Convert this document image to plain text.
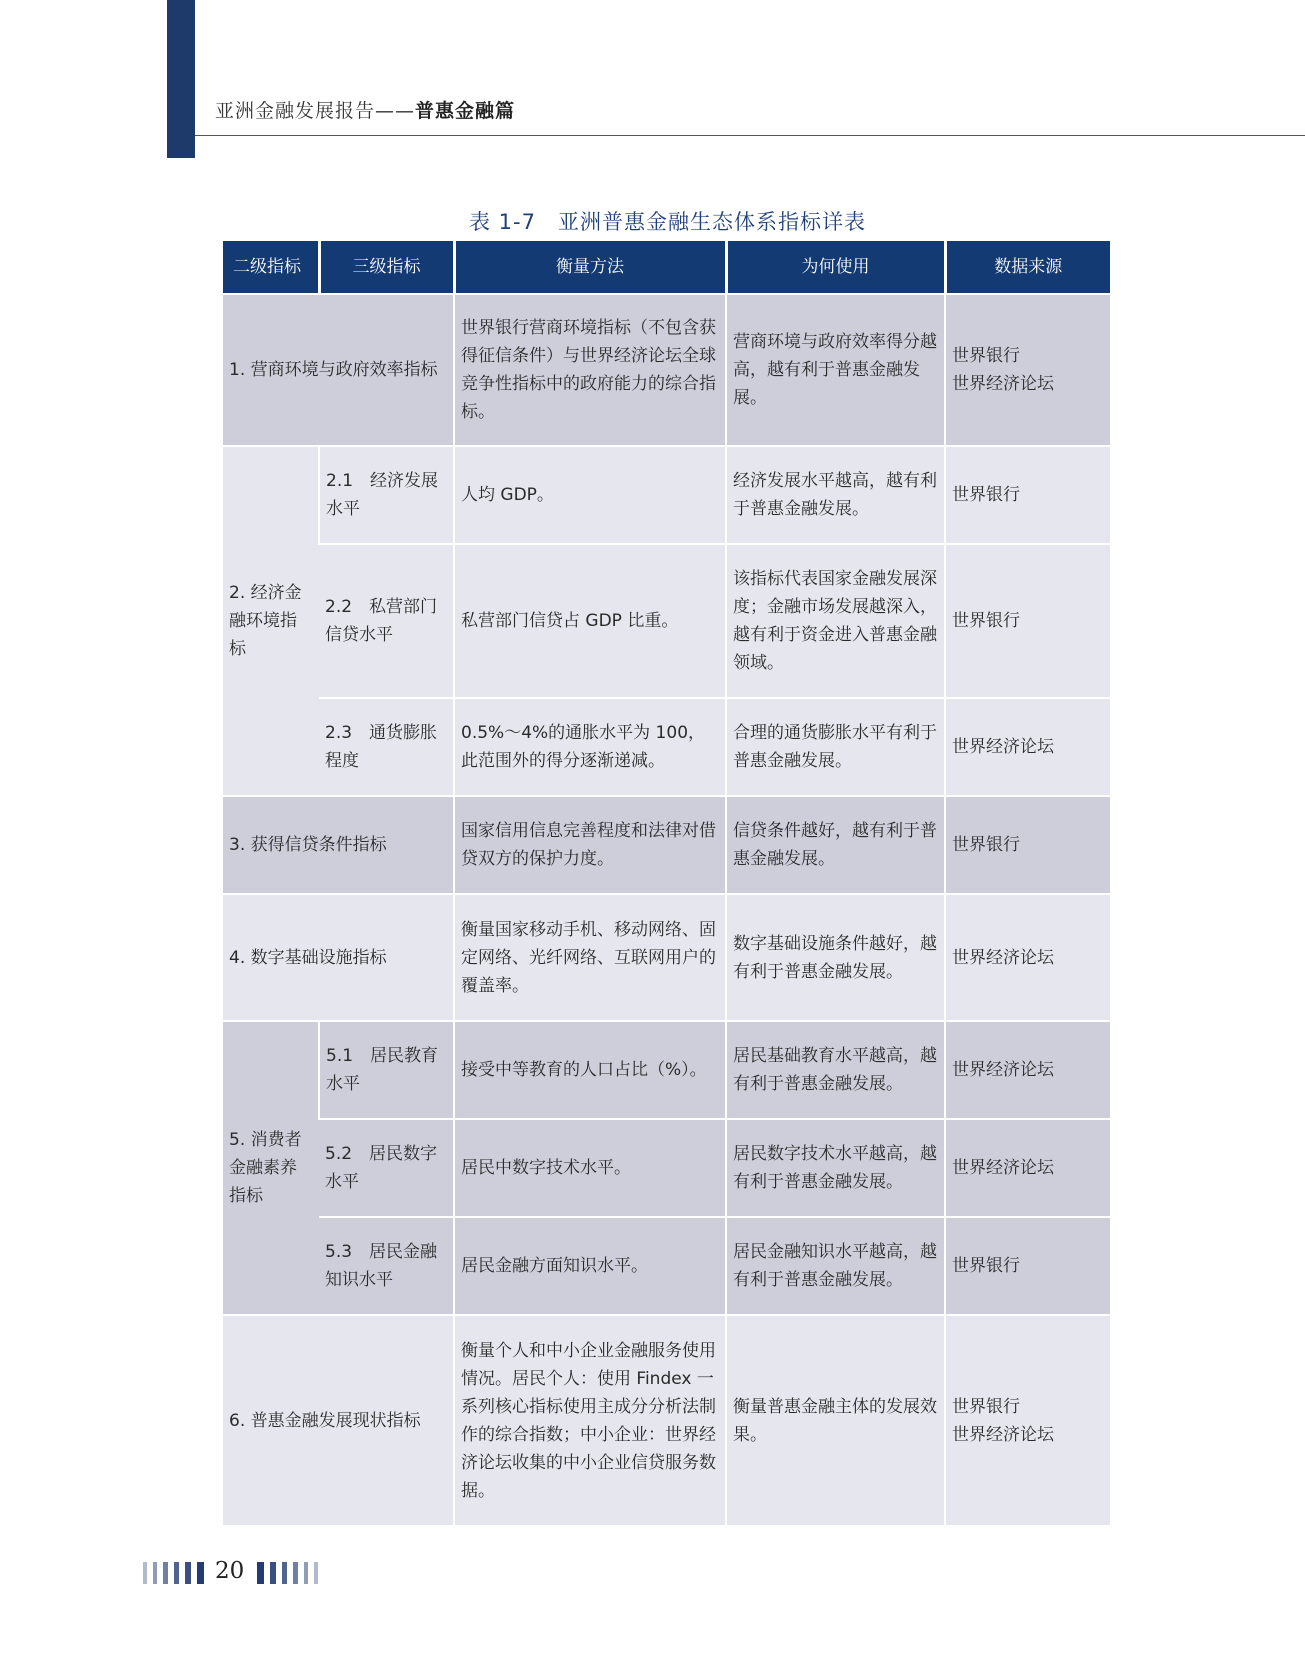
亚洲金融发展报告——普惠金融篇
表 1-7　亚洲普惠金融生态体系指标详表
二级指标	三级指标	衡量方法	为何使用	数据来源
1. 营商环境与政府效率指标		世界银行营商环境指标（不包含获得征信条件）与世界经济论坛全球竞争性指标中的政府能力的综合指标。	营商环境与政府效率得分越高，越有利于普惠金融发展。	世界银行
世界经济论坛
2. 经济金融环境指标	2.1　经济发展水平	人均 GDP。	经济发展水平越高，越有利于普惠金融发展。	世界银行
	2.2　私营部门信贷水平	私营部门信贷占 GDP 比重。	该指标代表国家金融发展深度；金融市场发展越深入，越有利于资金进入普惠金融领域。	世界银行
	2.3　通货膨胀程度	0.5%～4%的通胀水平为 100，此范围外的得分逐渐递减。	合理的通货膨胀水平有利于普惠金融发展。	世界经济论坛
3. 获得信贷条件指标		国家信用信息完善程度和法律对借贷双方的保护力度。	信贷条件越好，越有利于普惠金融发展。	世界银行
4. 数字基础设施指标		衡量国家移动手机、移动网络、固定网络、光纤网络、互联网用户的覆盖率。	数字基础设施条件越好，越有利于普惠金融发展。	世界经济论坛
5. 消费者金融素养指标	5.1　居民教育水平	接受中等教育的人口占比（%）。	居民基础教育水平越高，越有利于普惠金融发展。	世界经济论坛
	5.2　居民数字水平	居民中数字技术水平。	居民数字技术水平越高，越有利于普惠金融发展。	世界经济论坛
	5.3　居民金融知识水平	居民金融方面知识水平。	居民金融知识水平越高，越有利于普惠金融发展。	世界银行
6. 普惠金融发展现状指标		衡量个人和中小企业金融服务使用情况。居民个人：使用 Findex 一系列核心指标使用主成分分析法制作的综合指数；中小企业：世界经济论坛收集的中小企业信贷服务数据。	衡量普惠金融主体的发展效果。	世界银行
世界经济论坛
20
